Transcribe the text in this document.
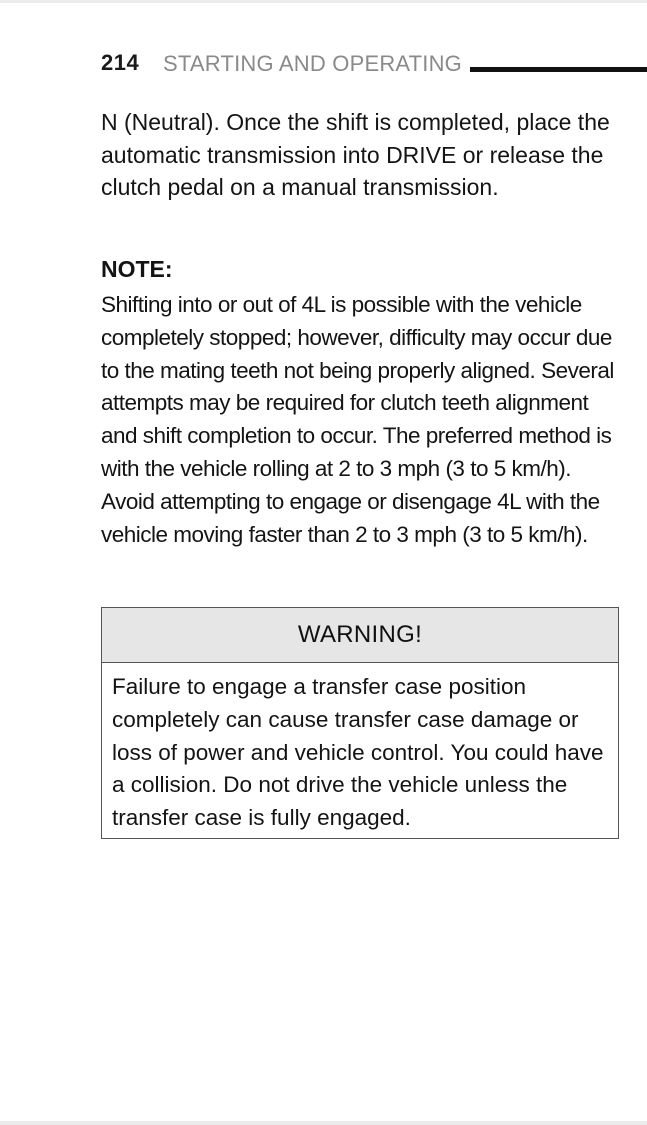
214 STARTING AND OPERATING
N (Neutral). Once the shift is completed, place the automatic transmission into DRIVE or release the clutch pedal on a manual transmission.
NOTE:
Shifting into or out of 4L is possible with the vehicle completely stopped; however, difficulty may occur due to the mating teeth not being properly aligned. Several attempts may be required for clutch teeth alignment and shift completion to occur. The preferred method is with the vehicle rolling at 2 to 3 mph (3 to 5 km/h). Avoid attempting to engage or disengage 4L with the vehicle moving faster than 2 to 3 mph (3 to 5 km/h).
WARNING!
Failure to engage a transfer case position completely can cause transfer case damage or loss of power and vehicle control. You could have a collision. Do not drive the vehicle unless the transfer case is fully engaged.
